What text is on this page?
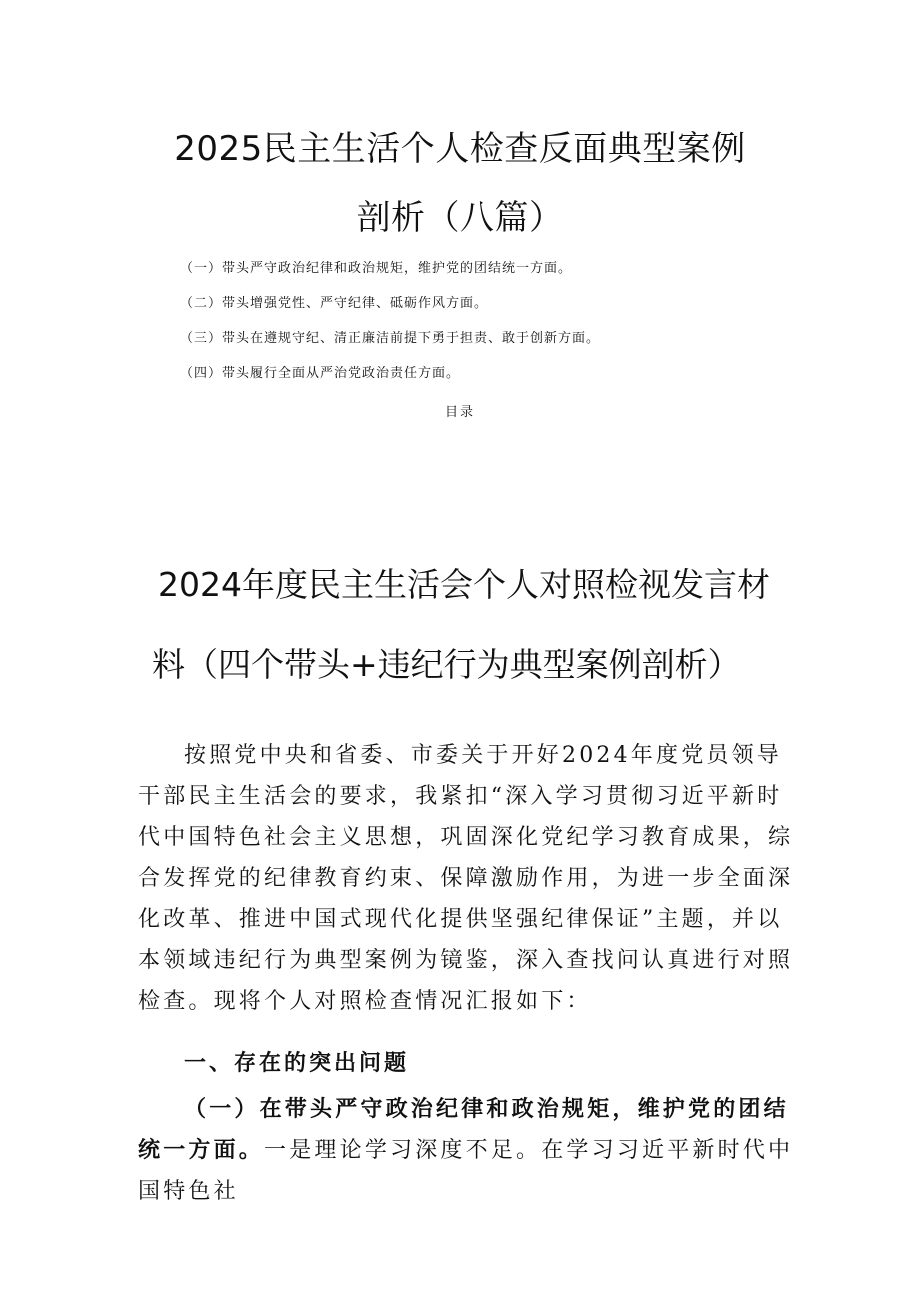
2025民主生活个人检查反面典型案例
剖析（八篇）
（一）带头严守政治纪律和政治规矩，维护党的团结统一方面。
（二）带头增强党性、严守纪律、砥砺作风方面。
（三）带头在遵规守纪、清正廉洁前提下勇于担责、敢于创新方面。
（四）带头履行全面从严治党政治责任方面。
目录
2024年度民主生活会个人对照检视发言材
料（四个带头+违纪行为典型案例剖析）

按照党中央和省委、市委关于开好2024年度党员领导干部民主生活会的要求，我紧扣“深入学习贯彻习近平新时代中国特色社会主义思想，巩固深化党纪学习教育成果，综合发挥党的纪律教育约束、保障激励作用，为进一步全面深化改革、推进中国式现代化提供坚强纪律保证”主题，并以本领域违纪行为典型案例为镜鉴，深入查找问认真进行对照检查。现将个人对照检查情况汇报如下：

一、存在的突出问题

（一）在带头严守政治纪律和政治规矩，维护党的团结统一方面。一是理论学习深度不足。在学习习近平新时代中国特色社
